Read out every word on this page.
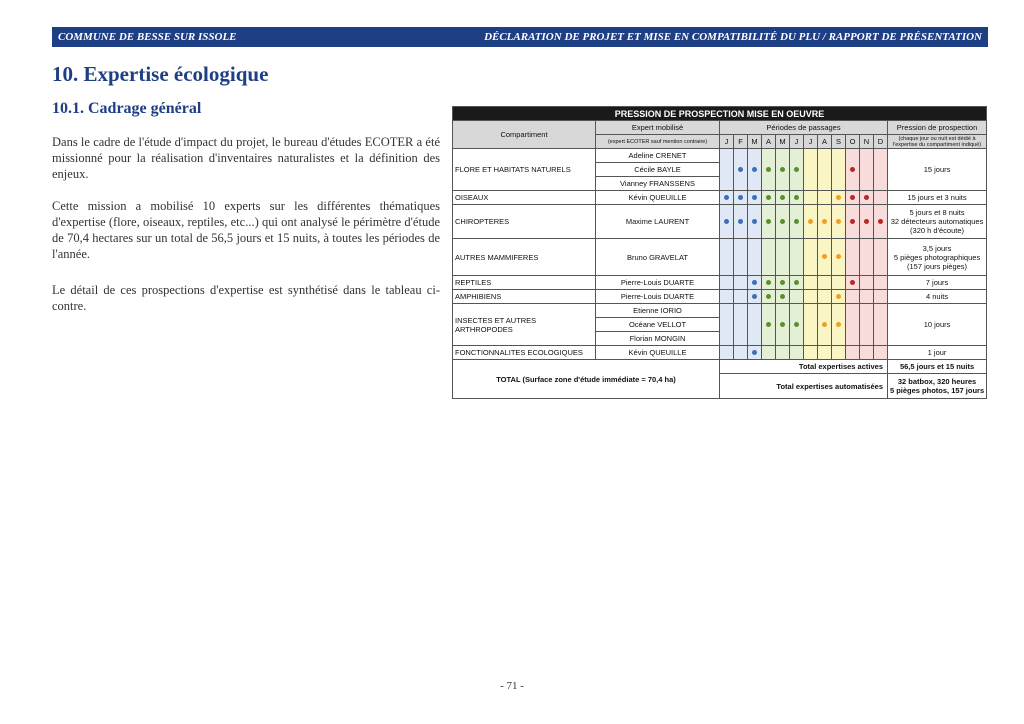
COMMUNE DE BESSE SUR ISSOLE	DÉCLARATION DE PROJET ET MISE EN COMPATIBILITÉ DU PLU / RAPPORT DE PRÉSENTATION
10. Expertise écologique
10.1. Cadrage général

Dans le cadre de l'étude d'impact du projet, le bureau d'études ECOTER a été missionné pour la réalisation d'inventaires naturalistes et la définition des enjeux.

Cette mission a mobilisé 10 experts sur les différentes thématiques d'expertise (flore, oiseaux, reptiles, etc...) qui ont analysé le périmètre d'étude de 70,4 hectares sur un total de 56,5 jours et 15 nuits, à toutes les périodes de l'année.

Le détail de ces prospections d'expertise est synthétisé dans le tableau ci-contre.

PRESSION DE PROSPECTION MISE EN OEUVRE														
Compartiment	Expert mobilisé	Périodes de passages												Pression de prospection
	(expert ECOTER sauf mention contraire)	J	F	M	A	M	J	J	A	S	O	N	D	(chaque jour ou nuit est dédié à l'expertise du compartiment indiqué)
FLORE ET HABITATS NATURELS	Adeline CRENET													15 jours
	Cécile BAYLE													
	Vianney FRANSSENS													
OISEAUX	Kévin QUEUILLE													15 jours et 3 nuits
CHIROPTERES	Maxime LAURENT													5 jours et 8 nuits
32 détecteurs automatiques
(320 h d'écoute)

AUTRES MAMMIFERES	Bruno GRAVELAT													3,5 jours
5 pièges photographiques
(157 jours pièges)

REPTILES	Pierre-Louis DUARTE													7 jours
AMPHIBIENS	Pierre-Louis DUARTE													4 nuits
INSECTES ET AUTRES ARTHROPODES	Etienne IORIO													10 jours
	Océane VELLOT													
	Florian MONGIN													
FONCTIONNALITES ECOLOGIQUES	Kévin QUEUILLE													1 jour
TOTAL (Surface zone d'étude immédiate = 70,4 ha)		Total expertises actives												56,5 jours et 15 nuits
		Total expertises automatisées												32 batbox, 320 heures
5 pièges photos, 157 jours
- 71 -
